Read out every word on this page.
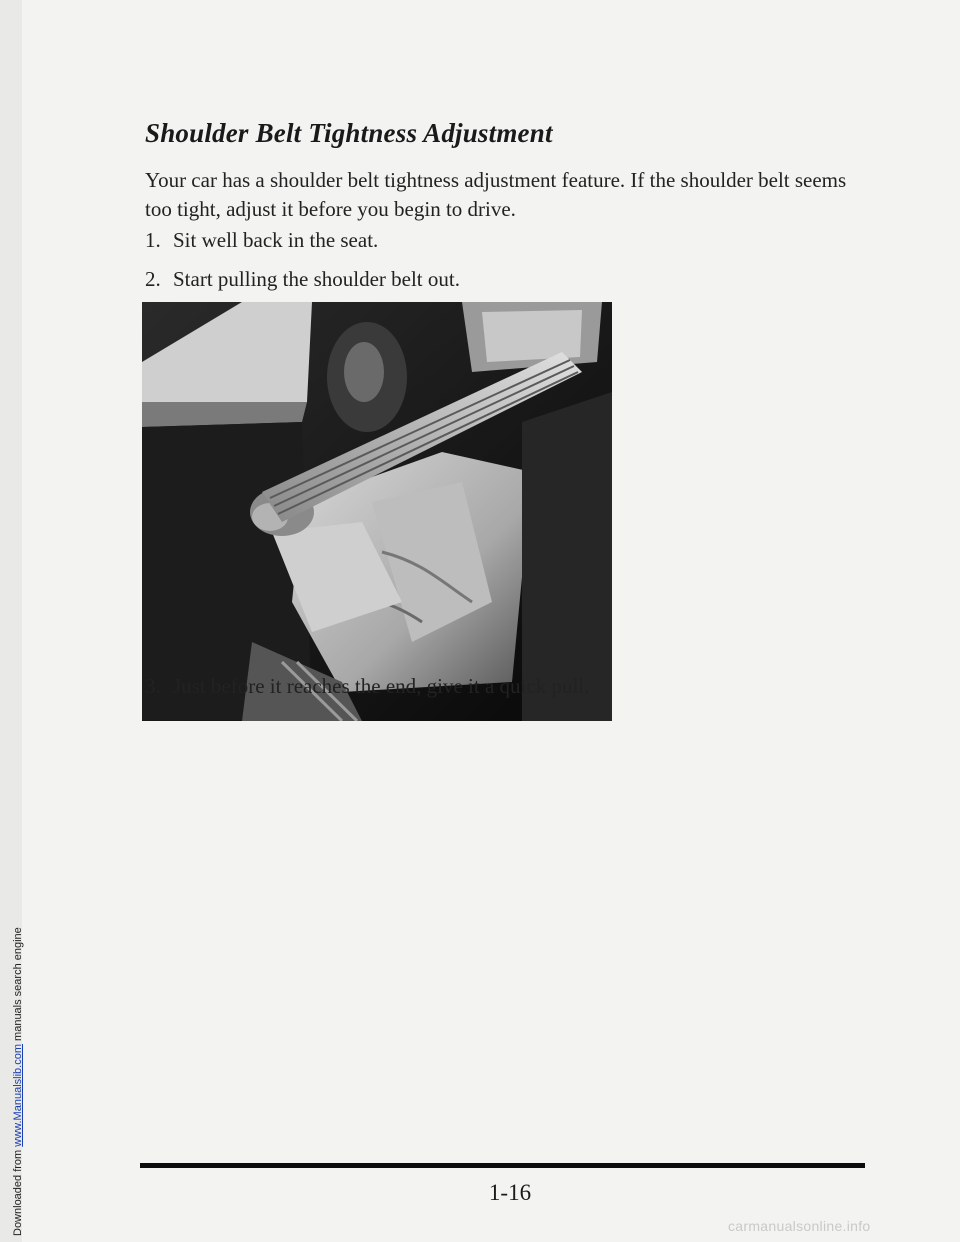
Downloaded from www.Manualslib.com manuals search engine
Shoulder Belt Tightness Adjustment

Your car has a shoulder belt tightness adjustment feature. If the shoulder belt seems too tight, adjust it before you begin to drive.

1. Sit well back in the seat.

2. Start pulling the shoulder belt out.

3. Just before it reaches the end, give it a quick pull.

1-16
carmanualsonline.info
